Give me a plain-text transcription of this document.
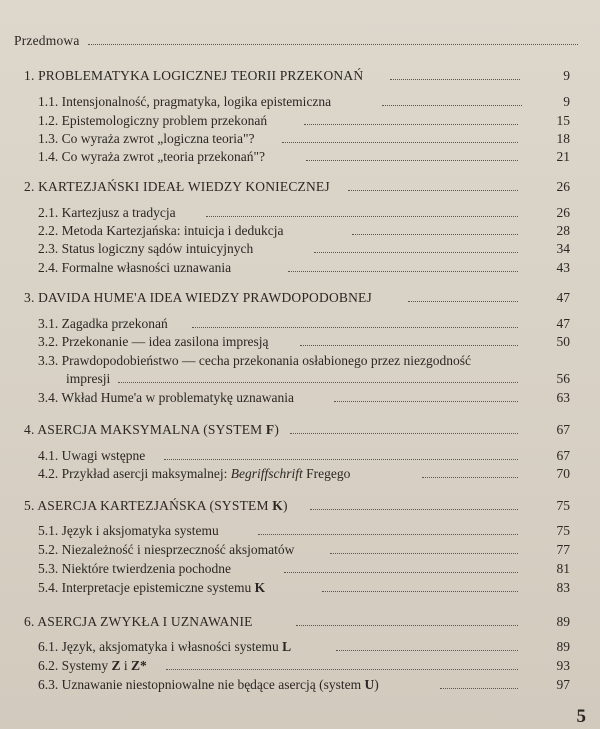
Przedmowa
1. PROBLEMATYKA LOGICZNEJ TEORII PRZEKONAŃ	9
1.1. Intensjonalność, pragmatyka, logika epistemiczna	9
1.2. Epistemologiczny problem przekonań	15
1.3. Co wyraża zwrot „logiczna teoria"?	18
1.4. Co wyraża zwrot „teoria przekonań"?	21
2. KARTEZJAŃSKI IDEAŁ WIEDZY KONIECZNEJ	26
2.1. Kartezjusz a tradycja	26
2.2. Metoda Kartezjańska: intuicja i dedukcja	28
2.3. Status logiczny sądów intuicyjnych	34
2.4. Formalne własności uznawania	43
3. DAVIDA HUME'A IDEA WIEDZY PRAWDOPODOBNEJ	47
3.1. Zagadka przekonań	47
3.2. Przekonanie — idea zasilona impresją	50
3.3. Prawdopodobieństwo — cecha przekonania osłabionego przez niezgodność
impresji	56
3.4. Wkład Hume'a w problematykę uznawania	63
4. ASERCJA MAKSYMALNA (SYSTEM F)	67
4.1. Uwagi wstępne	67
4.2. Przykład asercji maksymalnej: Begriffschrift Fregego	70
5. ASERCJA KARTEZJAŃSKA (SYSTEM K)	75
5.1. Język i aksjomatyka systemu	75
5.2. Niezależność i niesprzeczność aksjomatów	77
5.3. Niektóre twierdzenia pochodne	81
5.4. Interpretacje epistemiczne systemu K	83
6. ASERCJA ZWYKŁA I UZNAWANIE	89
6.1. Język, aksjomatyka i własności systemu L	89
6.2. Systemy Z i Z*	93
6.3. Uznawanie niestopniowalne nie będące asercją (system U)	97
5
